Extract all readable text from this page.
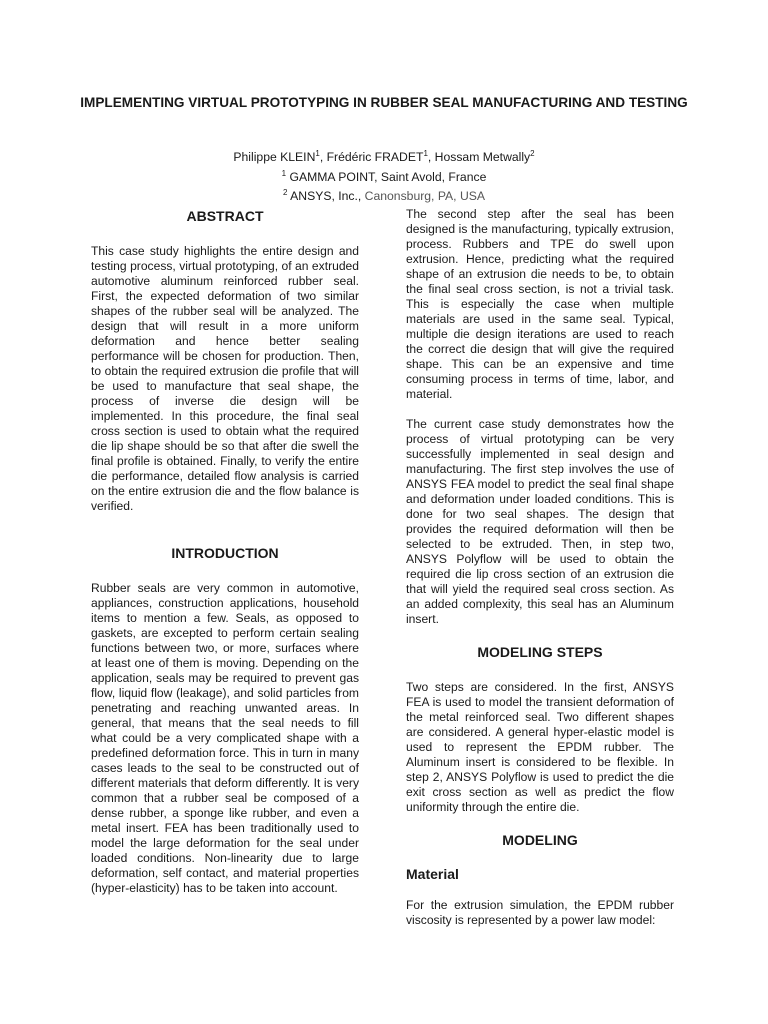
IMPLEMENTING VIRTUAL PROTOTYPING IN RUBBER SEAL MANUFACTURING AND TESTING
Philippe KLEIN$^1$, Frédéric FRADET$^1$, Hossam Metwally$^2$
$^1$ GAMMA POINT, Saint Avold, France
$^2$ ANSYS, Inc., Canonsburg, PA, USA
ABSTRACT

This case study highlights the entire design and testing process, virtual prototyping, of an extruded automotive aluminum reinforced rubber seal. First, the expected deformation of two similar shapes of the rubber seal will be analyzed. The design that will result in a more uniform deformation and hence better sealing performance will be chosen for production. Then, to obtain the required extrusion die profile that will be used to manufacture that seal shape, the process of inverse die design will be implemented. In this procedure, the final seal cross section is used to obtain what the required die lip shape should be so that after die swell the final profile is obtained. Finally, to verify the entire die performance, detailed flow analysis is carried on the entire extrusion die and the flow balance is verified.

INTRODUCTION

Rubber seals are very common in automotive, appliances, construction applications, household items to mention a few. Seals, as opposed to gaskets, are excepted to perform certain sealing functions between two, or more, surfaces where at least one of them is moving. Depending on the application, seals may be required to prevent gas flow, liquid flow (leakage), and solid particles from penetrating and reaching unwanted areas. In general, that means that the seal needs to fill what could be a very complicated shape with a predefined deformation force. This in turn in many cases leads to the seal to be constructed out of different materials that deform differently. It is very common that a rubber seal be composed of a dense rubber, a sponge like rubber, and even a metal insert. FEA has been traditionally used to model the large deformation for the seal under loaded conditions. Non-linearity due to large deformation, self contact, and material properties (hyper-elasticity) has to be taken into account.

The second step after the seal has been designed is the manufacturing, typically extrusion, process. Rubbers and TPE do swell upon extrusion. Hence, predicting what the required shape of an extrusion die needs to be, to obtain the final seal cross section, is not a trivial task. This is especially the case when multiple materials are used in the same seal. Typical, multiple die design iterations are used to reach the correct die design that will give the required shape. This can be an expensive and time consuming process in terms of time, labor, and material.

The current case study demonstrates how the process of virtual prototyping can be very successfully implemented in seal design and manufacturing. The first step involves the use of ANSYS FEA model to predict the seal final shape and deformation under loaded conditions. This is done for two seal shapes. The design that provides the required deformation will then be selected to be extruded. Then, in step two, ANSYS Polyflow will be used to obtain the required die lip cross section of an extrusion die that will yield the required seal cross section. As an added complexity, this seal has an Aluminum insert.

MODELING STEPS

Two steps are considered. In the first, ANSYS FEA is used to model the transient deformation of the metal reinforced seal. Two different shapes are considered. A general hyper-elastic model is used to represent the EPDM rubber. The Aluminum insert is considered to be flexible. In step 2, ANSYS Polyflow is used to predict the die exit cross section as well as predict the flow uniformity through the entire die.

MODELING
Material

For the extrusion simulation, the EPDM rubber viscosity is represented by a power law model:
